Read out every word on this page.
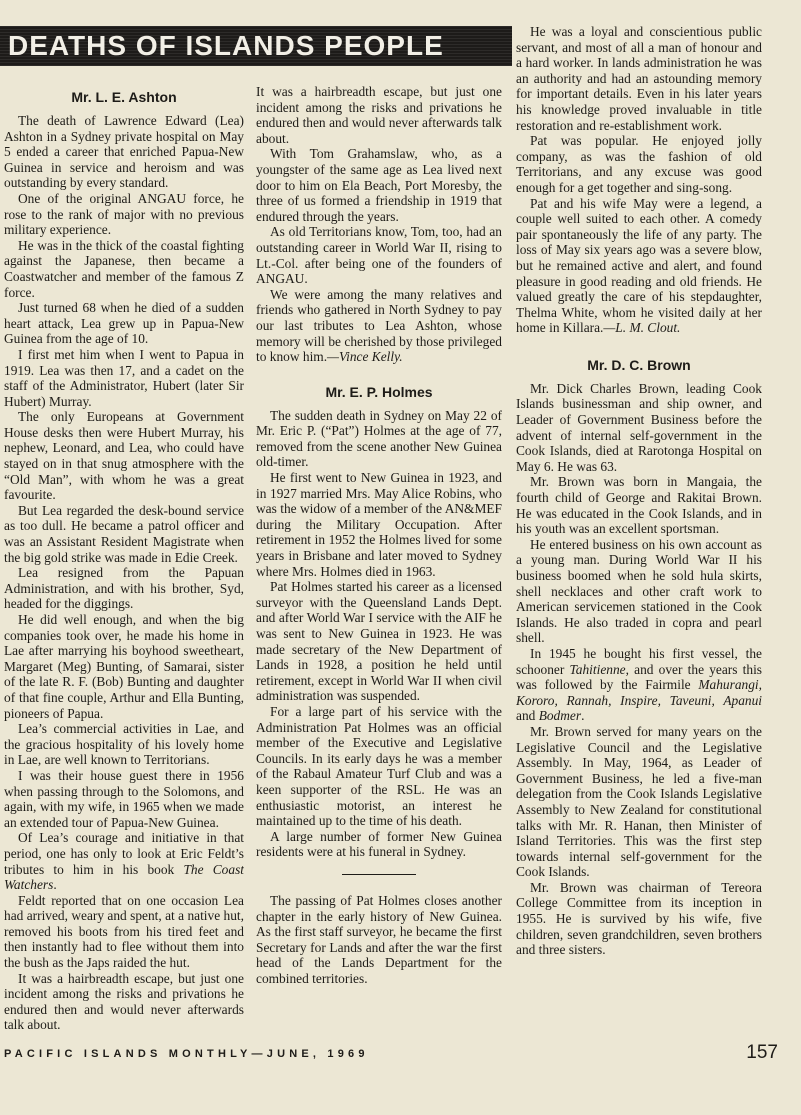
DEATHS OF ISLANDS PEOPLE
Mr. L. E. Ashton

The death of Lawrence Edward (Lea) Ashton in a Sydney private hospital on May 5 ended a career that enriched Papua-New Guinea in service and heroism and was outstanding by every standard.

One of the original ANGAU force, he rose to the rank of major with no previous military experience.

He was in the thick of the coastal fighting against the Japanese, then became a Coastwatcher and member of the famous Z force.

Just turned 68 when he died of a sudden heart attack, Lea grew up in Papua-New Guinea from the age of 10.

I first met him when I went to Papua in 1919. Lea was then 17, and a cadet on the staff of the Administrator, Hubert (later Sir Hubert) Murray.

The only Europeans at Government House desks then were Hubert Murray, his nephew, Leonard, and Lea, who could have stayed on in that snug atmosphere with the “Old Man”, with whom he was a great favourite.

But Lea regarded the desk-bound service as too dull. He became a patrol officer and was an Assistant Resident Magistrate when the big gold strike was made in Edie Creek.

Lea resigned from the Papuan Administration, and with his brother, Syd, headed for the diggings.

He did well enough, and when the big companies took over, he made his home in Lae after marrying his boyhood sweetheart, Margaret (Meg) Bunting, of Samarai, sister of the late R. F. (Bob) Bunting and daughter of that fine couple, Arthur and Ella Bunting, pioneers of Papua.

Lea’s commercial activities in Lae, and the gracious hospitality of his lovely home in Lae, are well known to Territorians.

I was their house guest there in 1956 when passing through to the Solomons, and again, with my wife, in 1965 when we made an extended tour of Papua-New Guinea.

Of Lea’s courage and initiative in that period, one has only to look at Eric Feldt’s tributes to him in his book The Coast Watchers.

Feldt reported that on one occasion Lea had arrived, weary and spent, at a native hut, removed his boots from his tired feet and then instantly had to flee without them into the bush as the Japs raided the hut.

It was a hairbreadth escape, but just one incident among the risks and privations he endured then and would never afterwards talk about.

It was a hairbreadth escape, but just one incident among the risks and privations he endured then and would never afterwards talk about.

With Tom Grahamslaw, who, as a youngster of the same age as Lea lived next door to him on Ela Beach, Port Moresby, the three of us formed a friendship in 1919 that endured through the years.

As old Territorians know, Tom, too, had an outstanding career in World War II, rising to Lt.-Col. after being one of the founders of ANGAU.

We were among the many relatives and friends who gathered in North Sydney to pay our last tributes to Lea Ashton, whose memory will be cherished by those privileged to know him.—Vince Kelly.

Mr. E. P. Holmes

The sudden death in Sydney on May 22 of Mr. Eric P. (“Pat”) Holmes at the age of 77, removed from the scene another New Guinea old-timer.

He first went to New Guinea in 1923, and in 1927 married Mrs. May Alice Robins, who was the widow of a member of the AN&MEF during the Military Occupation. After retirement in 1952 the Holmes lived for some years in Brisbane and later moved to Sydney where Mrs. Holmes died in 1963.

Pat Holmes started his career as a licensed surveyor with the Queensland Lands Dept. and after World War I service with the AIF he was sent to New Guinea in 1923. He was made secretary of the New Department of Lands in 1928, a position he held until retirement, except in World War II when civil administration was suspended.

For a large part of his service with the Administration Pat Holmes was an official member of the Executive and Legislative Councils. In its early days he was a member of the Rabaul Amateur Turf Club and was a keen supporter of the RSL. He was an enthusiastic motorist, an interest he maintained up to the time of his death.

A large number of former New Guinea residents were at his funeral in Sydney.

The passing of Pat Holmes closes another chapter in the early history of New Guinea. As the first staff surveyor, he became the first Secretary for Lands and after the war the first head of the Lands Department for the combined territories.

He was a loyal and conscientious public servant, and most of all a man of honour and a hard worker. In lands administration he was an authority and had an astounding memory for important details. Even in his later years his knowledge proved invaluable in title restoration and re-establishment work.

Pat was popular. He enjoyed jolly company, as was the fashion of old Territorians, and any excuse was good enough for a get together and sing-song.

Pat and his wife May were a legend, a couple well suited to each other. A comedy pair spontaneously the life of any party. The loss of May six years ago was a severe blow, but he remained active and alert, and found pleasure in good reading and old friends. He valued greatly the care of his stepdaughter, Thelma White, whom he visited daily at her home in Killara.—L. M. Clout.

Mr. D. C. Brown

Mr. Dick Charles Brown, leading Cook Islands businessman and ship owner, and Leader of Government Business before the advent of internal self-government in the Cook Islands, died at Rarotonga Hospital on May 6. He was 63.

Mr. Brown was born in Mangaia, the fourth child of George and Rakitai Brown. He was educated in the Cook Islands, and in his youth was an excellent sportsman.

He entered business on his own account as a young man. During World War II his business boomed when he sold hula skirts, shell necklaces and other craft work to American servicemen stationed in the Cook Islands. He also traded in copra and pearl shell.

In 1945 he bought his first vessel, the schooner Tahitienne, and over the years this was followed by the Fairmile Mahurangi, Kororo, Rannah, Inspire, Taveuni, Apanui and Bodmer.

Mr. Brown served for many years on the Legislative Council and the Legislative Assembly. In May, 1964, as Leader of Government Business, he led a five-man delegation from the Cook Islands Legislative Assembly to New Zealand for constitutional talks with Mr. R. Hanan, then Minister of Island Territories. This was the first step towards internal self-government for the Cook Islands.

Mr. Brown was chairman of Tereora College Committee from its inception in 1955. He is survived by his wife, five children, seven grandchildren, seven brothers and three sisters.

PACIFIC ISLANDS MONTHLY—JUNE, 1969	157
